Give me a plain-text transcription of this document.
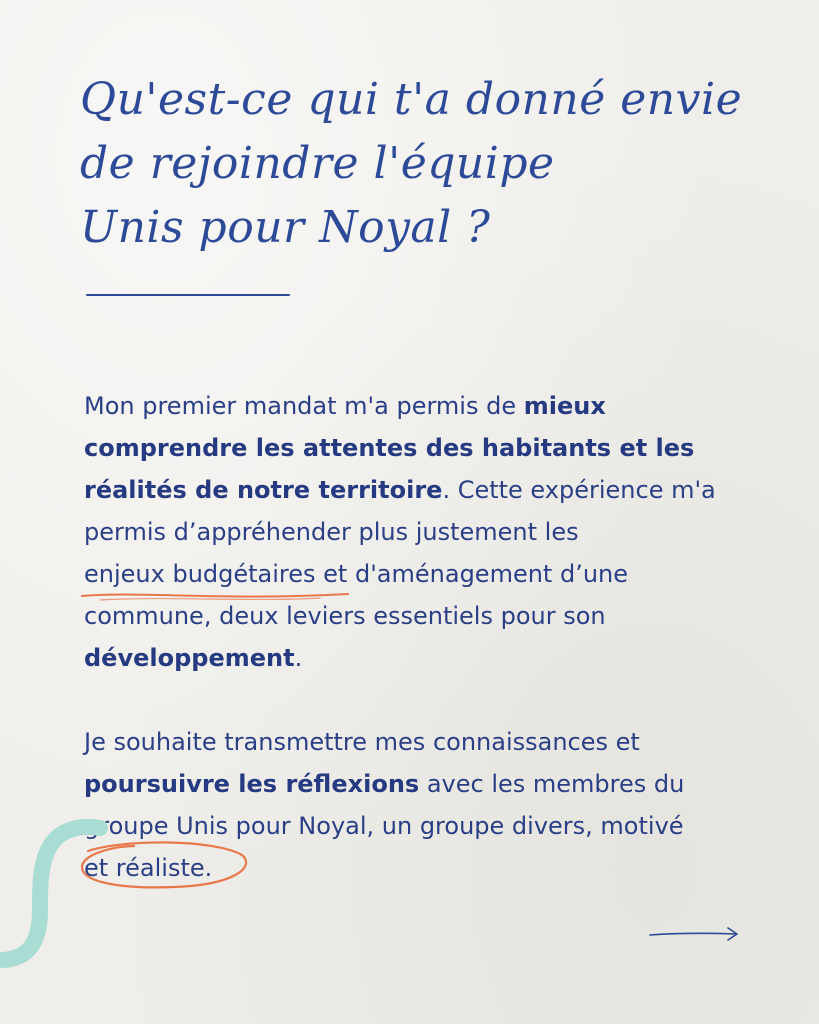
Qu'est-ce qui t'a donné envie
de rejoindre l'équipe
Unis pour Noyal ?

Mon premier mandat m'a permis de mieux comprendre les attentes des habitants et les réalités de notre territoire. Cette expérience m'a permis d’appréhender plus justement les enjeux budgétaires
et d'aménagement d’une commune, deux leviers essentiels pour son développement.

Je souhaite transmettre mes connaissances et poursuivre les réflexions avec les membres du groupe Unis pour Noyal, un groupe divers, motivé et réaliste.
